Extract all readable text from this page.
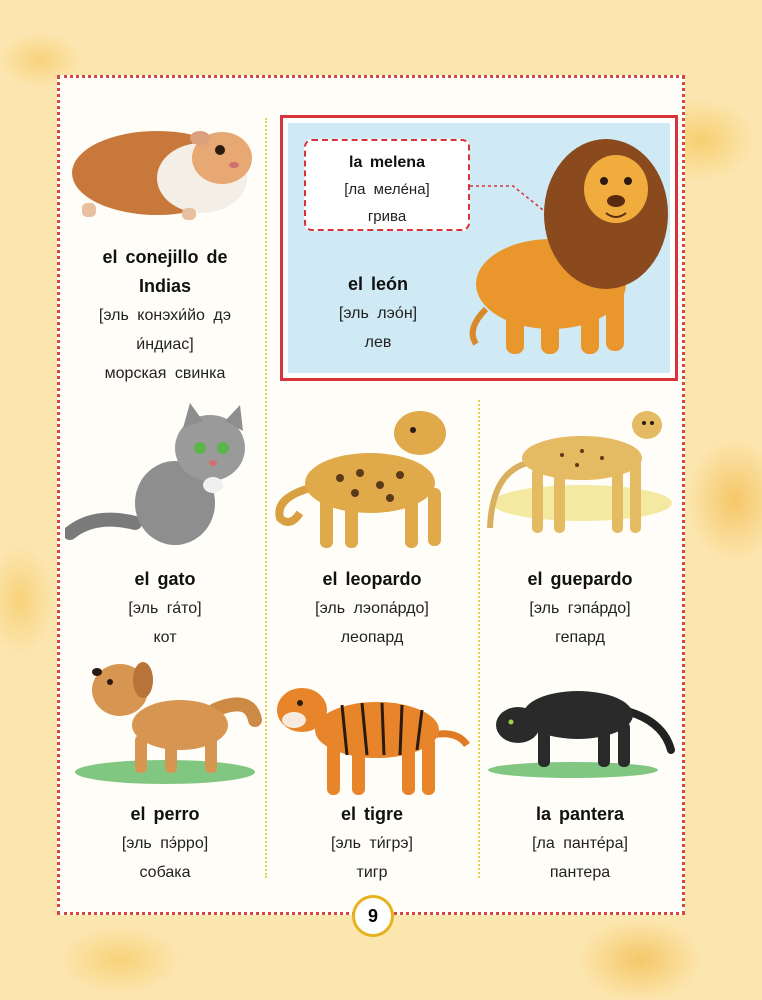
el conejillo de
Indias
[эль конэхи́йо дэ
и́ндиас]
морская свинка
la melena
[ла меле́на]
грива
el león
[эль лэо́н]
лев
el gato
[эль га́то]
кот
el leopardo
[эль лэопа́рдо]
леопард
el guepardo
[эль гэпа́рдо]
гепард
el perro
[эль пэ́рро]
собака
el tigre
[эль ти́грэ]
тигр
la pantera
[ла панте́ра]
пантера
9
